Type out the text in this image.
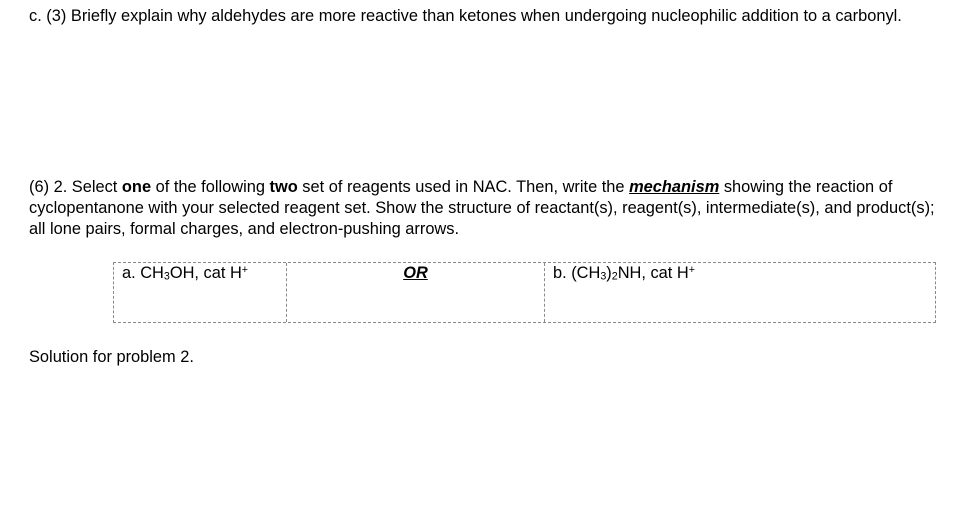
c. (3) Briefly explain why aldehydes are more reactive than ketones when undergoing nucleophilic addition to a carbonyl.

(6) 2. Select one of the following two set of reagents used in NAC. Then, write the mechanism showing the reaction of cyclopentanone with your selected reagent set. Show the structure of reactant(s), reagent(s), intermediate(s), and product(s); all lone pairs, formal charges, and electron-pushing arrows.

a. $CH_3OH$, cat H+	OR	b. $(CH_3)_2NH$, cat H+
Solution for problem 2.
